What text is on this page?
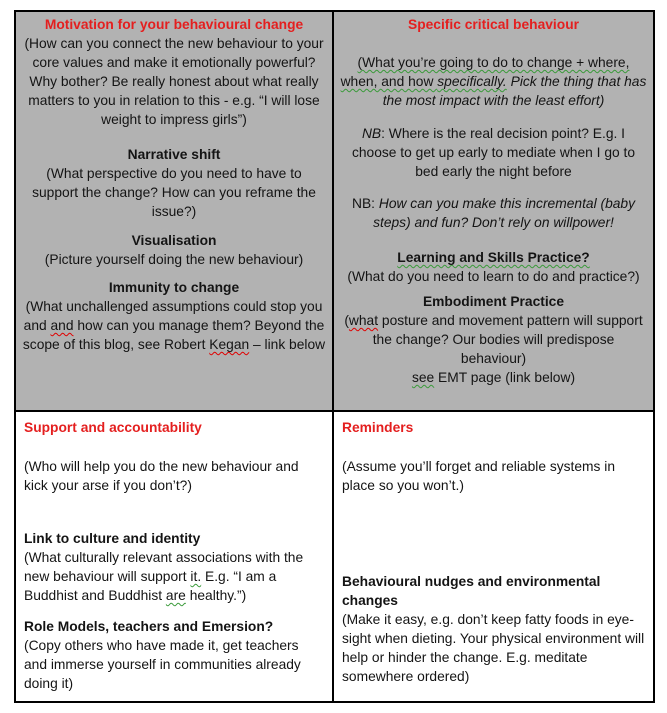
Motivation for your behavioural change

(How can you connect the new behaviour to your core values and make it emotionally powerful? Why bother? Be really honest about what really matters to you in relation to this - e.g. “I will lose weight to impress girls”)

Narrative shift

(What perspective do you need to have to support the change? How can you reframe the issue?)

Visualisation

(Picture yourself doing the new behaviour)

Immunity to change

(What unchallenged assumptions could stop you and and how can you manage them? Beyond the scope of this blog, see Robert Kegan – link below

Specific critical behaviour

(What you’re going to do to change + where, when, and how specifically. Pick the thing that has the most impact with the least effort)

NB: Where is the real decision point? E.g. I choose to get up early to mediate when I go to bed early the night before

NB: How can you make this incremental (baby steps) and fun? Don’t rely on willpower!

Learning and Skills Practice?

(What do you need to learn to do and practice?)

Embodiment Practice

(what posture and movement pattern will support the change? Our bodies will predispose behaviour)

see EMT page (link below)

Support and accountability

(Who will help you do the new behaviour and kick your arse if you don’t?)

Link to culture and identity

(What culturally relevant associations with the new behaviour will support it. E.g. “I am a Buddhist and Buddhist are healthy.”)

Role Models, teachers and Emersion?

(Copy others who have made it, get teachers and immerse yourself in communities already doing it)

Reminders

(Assume you’ll forget and reliable systems in place so you won’t.)

Behavioural nudges and environmental changes

(Make it easy, e.g. don’t keep fatty foods in eye-sight when dieting. Your physical environment will help or hinder the change. E.g. meditate somewhere ordered)
